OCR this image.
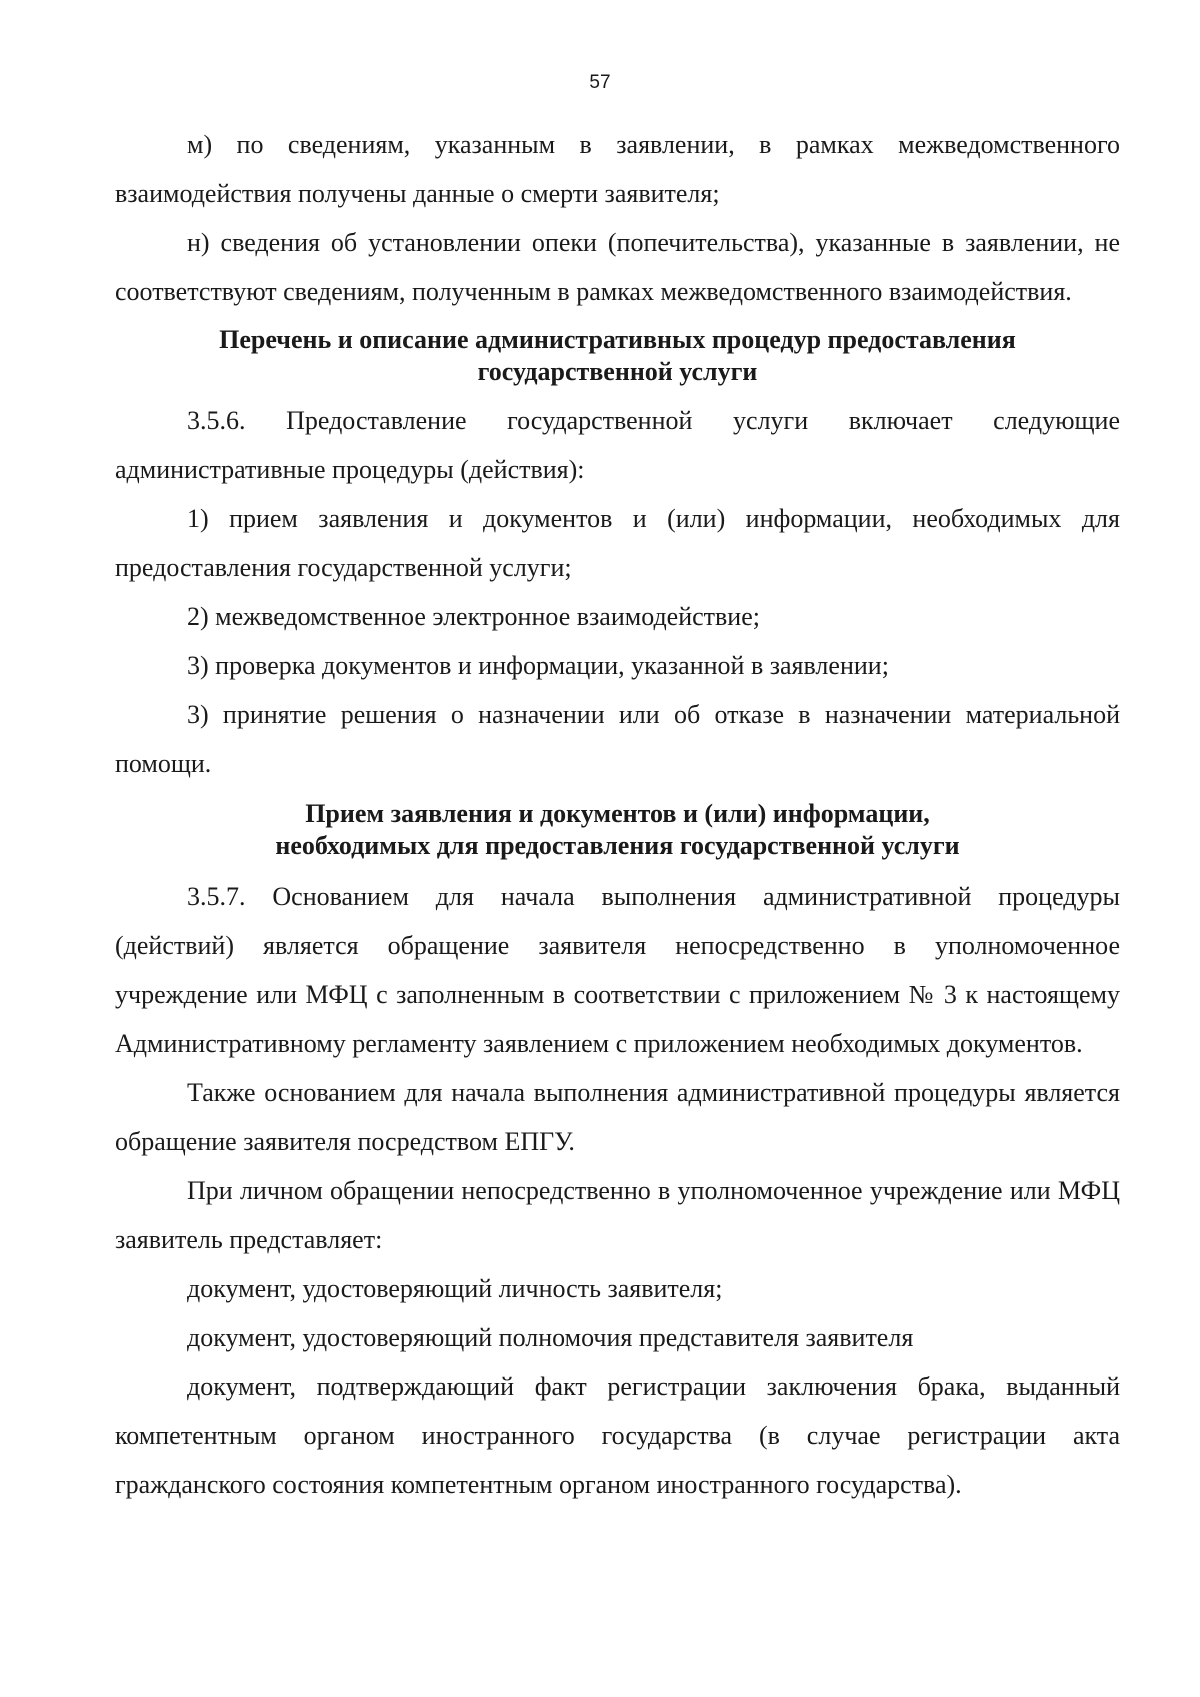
57

м) по сведениям, указанным в заявлении, в рамках межведомственного взаимодействия получены данные о смерти заявителя;

н) сведения об установлении опеки (попечительства), указанные в заявлении, не соответствуют сведениям, полученным в рамках межведомственного взаимодействия.

Перечень и описание административных процедур предоставления
государственной услуги

3.5.6. Предоставление государственной услуги включает следующие административные процедуры (действия):

1) прием заявления и документов и (или) информации, необходимых для предоставления государственной услуги;

2) межведомственное электронное взаимодействие;

3) проверка документов и информации, указанной в заявлении;

3) принятие решения о назначении или об отказе в назначении материальной помощи.

Прием заявления и документов и (или) информации,
необходимых для предоставления государственной услуги

3.5.7. Основанием для начала выполнения административной процедуры (действий) является обращение заявителя непосредственно в уполномоченное учреждение или МФЦ с заполненным в соответствии с приложением № 3 к настоящему Административному регламенту заявлением с приложением необходимых документов.

Также основанием для начала выполнения административной процедуры является обращение заявителя посредством ЕПГУ.

При личном обращении непосредственно в уполномоченное учреждение или МФЦ заявитель представляет:

документ, удостоверяющий личность заявителя;

документ, удостоверяющий полномочия представителя заявителя

документ, подтверждающий факт регистрации заключения брака, выданный компетентным органом иностранного государства (в случае регистрации акта гражданского состояния компетентным органом иностранного государства).
